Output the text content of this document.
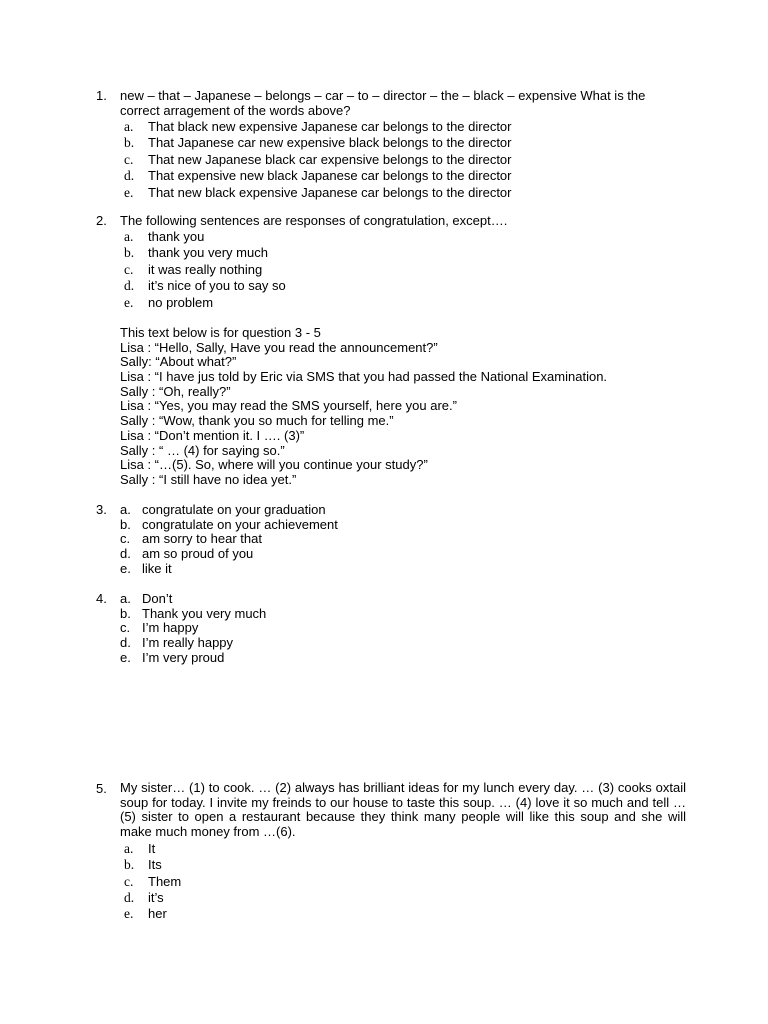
1. new – that – Japanese – belongs – car – to – director – the – black – expensive What is the correct arragement of the words above?
a. That black new expensive Japanese car belongs to the director
b. That Japanese car new expensive black belongs to the director
c. That new Japanese black car expensive belongs to the director
d. That expensive new black Japanese car belongs to the director
e. That new black expensive Japanese car belongs to the director
2. The following sentences are responses of congratulation, except….
a. thank you
b. thank you very much
c. it was really nothing
d. it’s nice of you to say so
e. no problem
This text below is for question 3 - 5
Lisa : “Hello, Sally, Have you read the announcement?”
Sally: “About what?”
Lisa : “I have jus told by Eric via SMS that you had passed the National Examination.
Sally : “Oh, really?”
Lisa : “Yes, you may read the SMS yourself, here you are.”
Sally : “Wow, thank you so much for telling me.”
Lisa : “Don’t mention it. I …. (3)”
Sally : “ … (4) for saying so.”
Lisa : “…(5). So, where will you continue your study?”
Sally : “I still have no idea yet.”
3. a. congratulate on your graduation
b. congratulate on your achievement
c. am sorry to hear that
d. am so proud of you
e. like it
4. a. Don’t
b. Thank you very much
c. I’m happy
d. I’m really happy
e. I’m very proud
5. My sister… (1) to cook. … (2) always has brilliant ideas for my lunch every day. … (3) cooks oxtail soup for today. I invite my freinds to our house to taste this soup. … (4) love it so much and tell … (5) sister to open a restaurant because they think many people will like this soup and she will make much money from …(6).
a. It
b. Its
c. Them
d. it’s
e. her
